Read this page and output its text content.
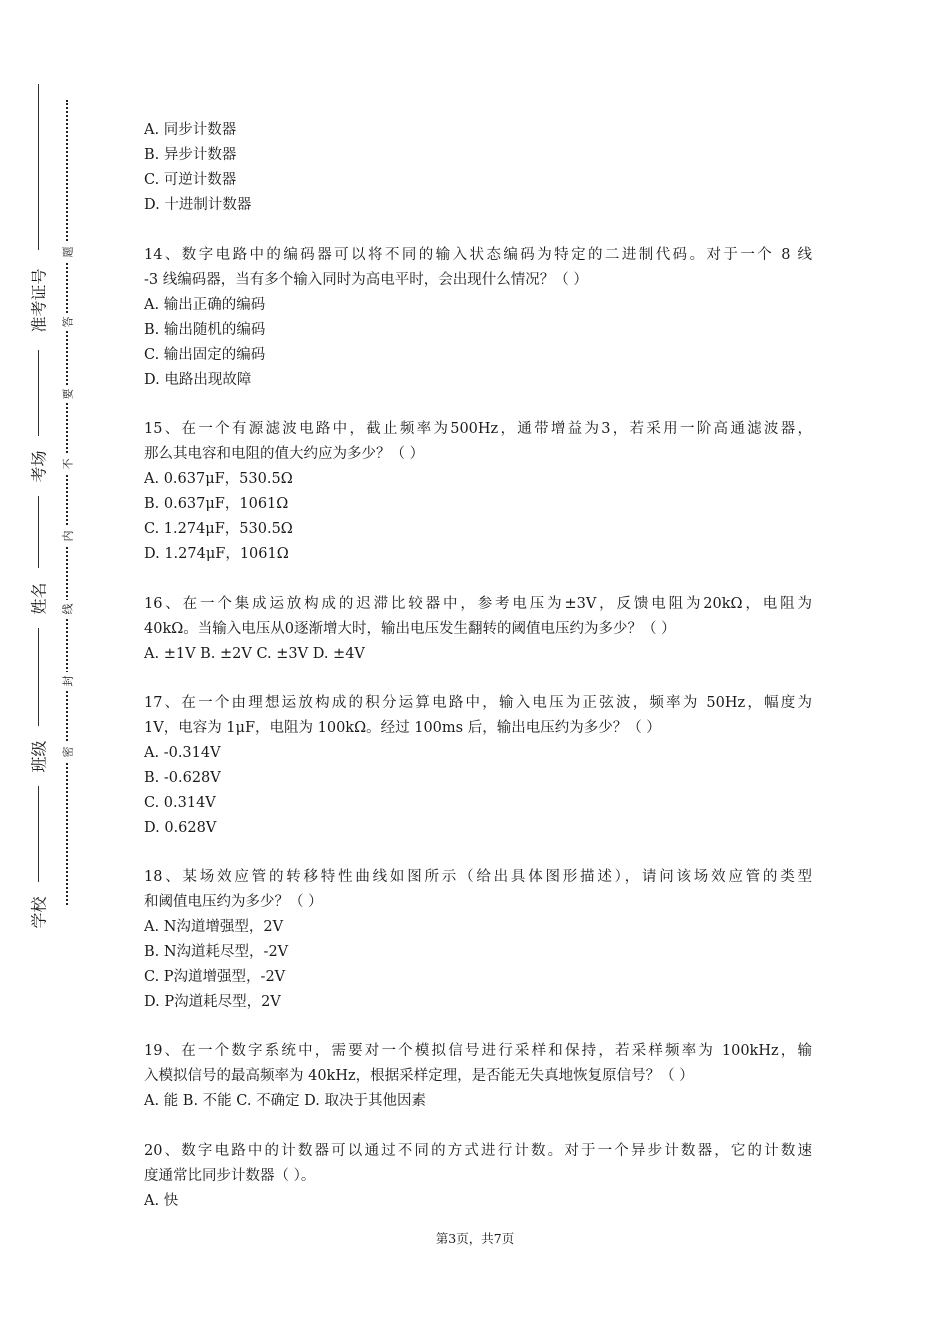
准考证号
考场
姓名
班级
学校
题
答
要
不
内
线
封
密
A. 同步计数器
B. 异步计数器
C. 可逆计数器
D. 十进制计数器
14、数字电路中的编码器可以将不同的输入状态编码为特定的二进制代码。对于一个 8 线
-3 线编码器，当有多个输入同时为高电平时，会出现什么情况？（ ）
A. 输出正确的编码
B. 输出随机的编码
C. 输出固定的编码
D. 电路出现故障
15、在一个有源滤波电路中，截止频率为500Hz，通带增益为3，若采用一阶高通滤波器，
那么其电容和电阻的值大约应为多少？（ ）
A. 0.637μF，530.5Ω
B. 0.637μF，1061Ω
C. 1.274μF，530.5Ω
D. 1.274μF，1061Ω
16、在一个集成运放构成的迟滞比较器中，参考电压为±3V，反馈电阻为20kΩ，电阻为
40kΩ。当输入电压从0逐渐增大时，输出电压发生翻转的阈值电压约为多少？（ ）
A. ±1V B. ±2V C. ±3V D. ±4V
17、在一个由理想运放构成的积分运算电路中，输入电压为正弦波，频率为 50Hz，幅度为
1V，电容为 1μF，电阻为 100kΩ。经过 100ms 后，输出电压约为多少？（ ）
A. -0.314V
B. -0.628V
C. 0.314V
D. 0.628V
18、某场效应管的转移特性曲线如图所示（给出具体图形描述），请问该场效应管的类型
和阈值电压约为多少？（ ）
A. N沟道增强型，2V
B. N沟道耗尽型，-2V
C. P沟道增强型，-2V
D. P沟道耗尽型，2V
19、在一个数字系统中，需要对一个模拟信号进行采样和保持，若采样频率为 100kHz，输
入模拟信号的最高频率为 40kHz，根据采样定理，是否能无失真地恢复原信号？（ ）
A. 能 B. 不能 C. 不确定 D. 取决于其他因素
20、数字电路中的计数器可以通过不同的方式进行计数。对于一个异步计数器，它的计数速
度通常比同步计数器（ ）。
A. 快
第3页，共7页
